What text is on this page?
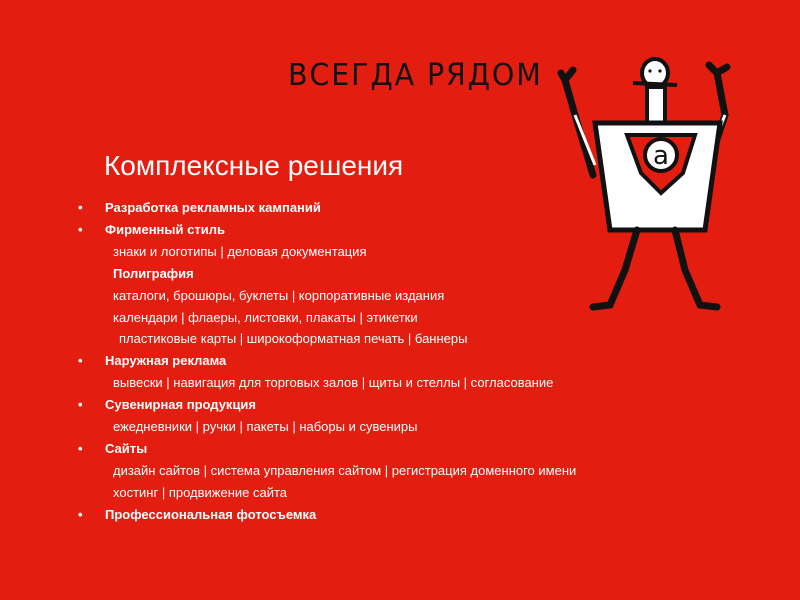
ВСЕГДА РЯДОМ
а
Комплексные решения
• Разработка рекламных кампаний
• Фирменный стиль
знаки и логотипы | деловая документация
Полиграфия
каталоги, брошюры, буклеты | корпоративные издания
календари | флаеры, листовки, плакаты | этикетки
пластиковые карты | широкоформатная печать | баннеры
• Наружная реклама
вывески | навигация для торговых залов | щиты и стеллы | согласование
• Сувенирная продукция
ежедневники | ручки | пакеты | наборы и сувениры
• Сайты
дизайн сайтов | система управления сайтом | регистрация доменного имени
хостинг | продвижение сайта
• Профессиональная фотосъемка
